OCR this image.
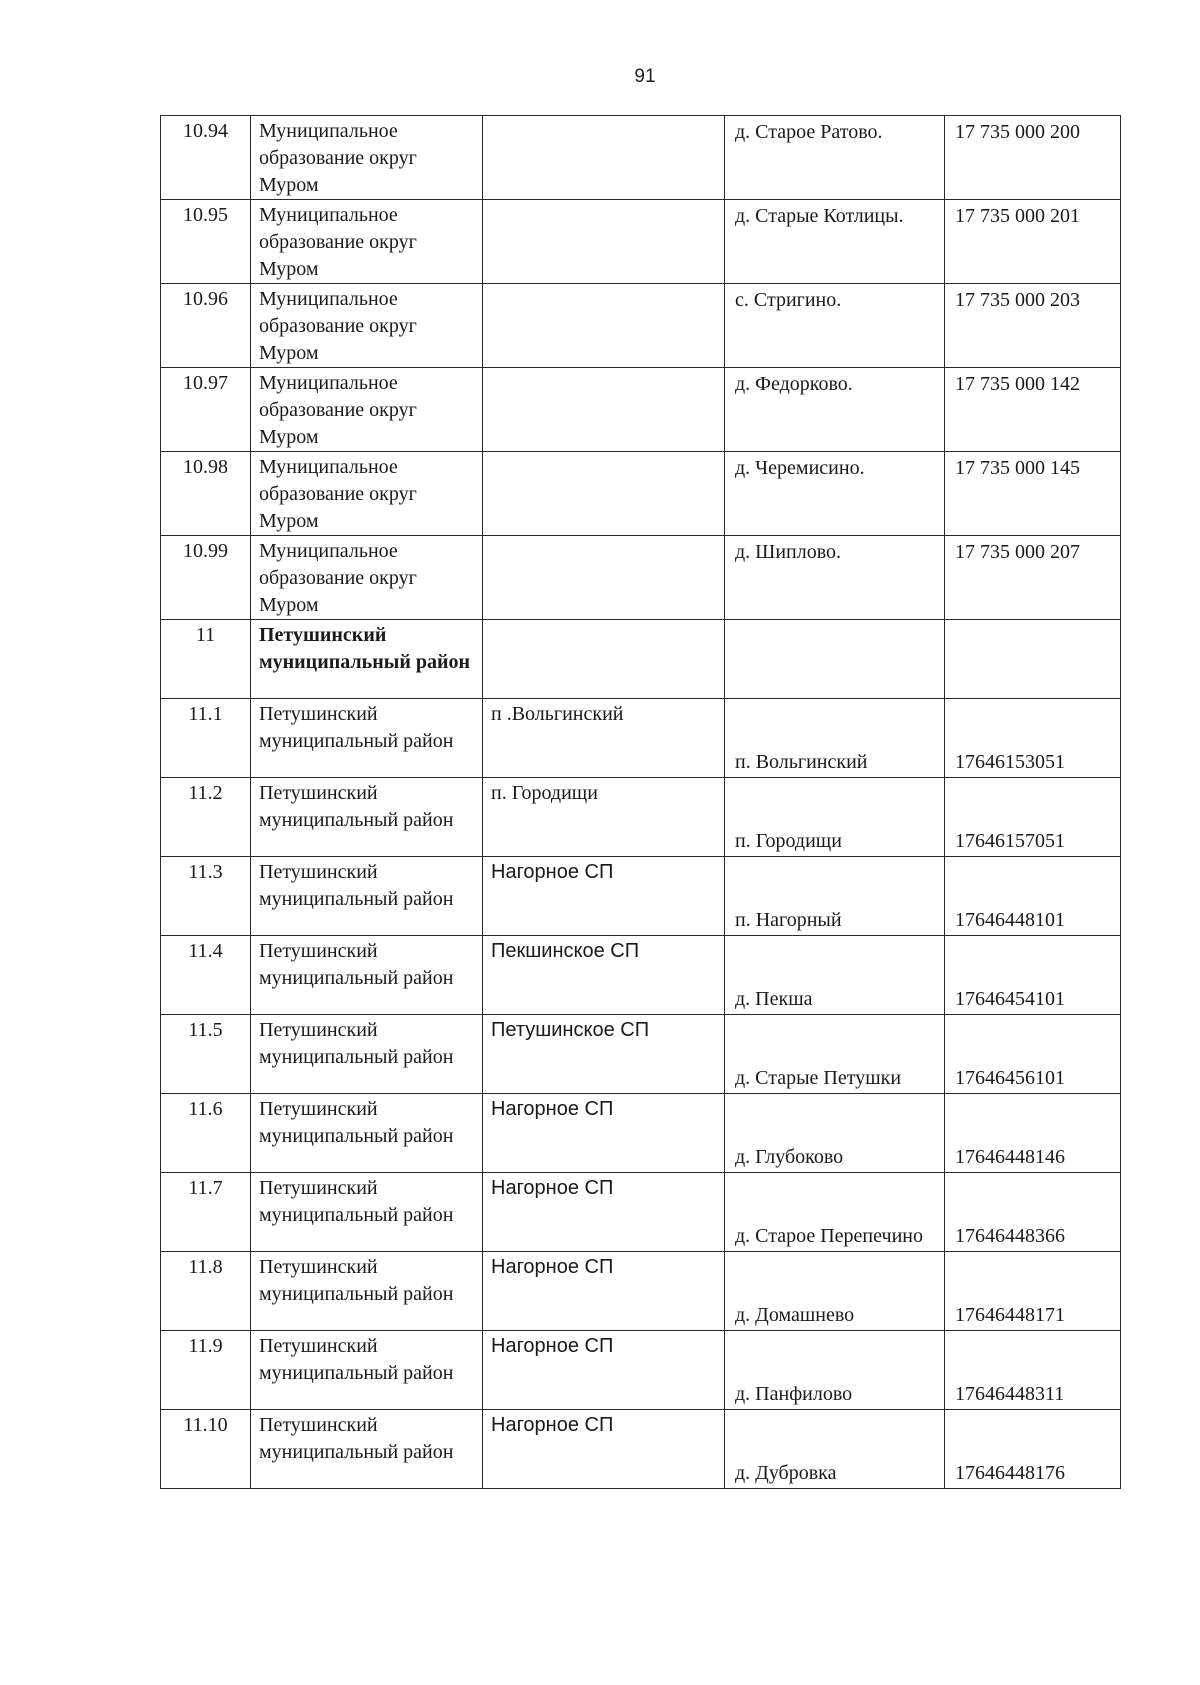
91
10.94	Муниципальное образование округ Муром		д. Старое Ратово.	17 735 000 200

10.95	Муниципальное образование округ Муром		д. Старые Котлицы.	17 735 000 201

10.96	Муниципальное образование округ Муром		с. Стригино.	17 735 000 203

10.97	Муниципальное образование округ Муром		д. Федорково.	17 735 000 142

10.98	Муниципальное образование округ Муром		д. Черемисино.	17 735 000 145

10.99	Муниципальное образование округ Муром		д. Шиплово.	17 735 000 207

11	Петушинский муниципальный район		

11.1	Петушинский муниципальный район	п .Вольгинский	п. Вольгинский	17646153051

11.2	Петушинский муниципальный район	п. Городищи	п. Городищи	17646157051

11.3	Петушинский муниципальный район	Нагорное СП	п. Нагорный	17646448101

11.4	Петушинский муниципальный район	Пекшинское СП	д. Пекша	17646454101

11.5	Петушинский муниципальный район	Петушинское СП	д. Старые Петушки	17646456101

11.6	Петушинский муниципальный район	Нагорное СП	д. Глубоково	17646448146

11.7	Петушинский муниципальный район	Нагорное СП	д. Старое Перепечино	17646448366

11.8	Петушинский муниципальный район	Нагорное СП	д. Домашнево	17646448171

11.9	Петушинский муниципальный район	Нагорное СП	д. Панфилово	17646448311

11.10	Петушинский муниципальный район	Нагорное СП	д. Дубровка	17646448176
